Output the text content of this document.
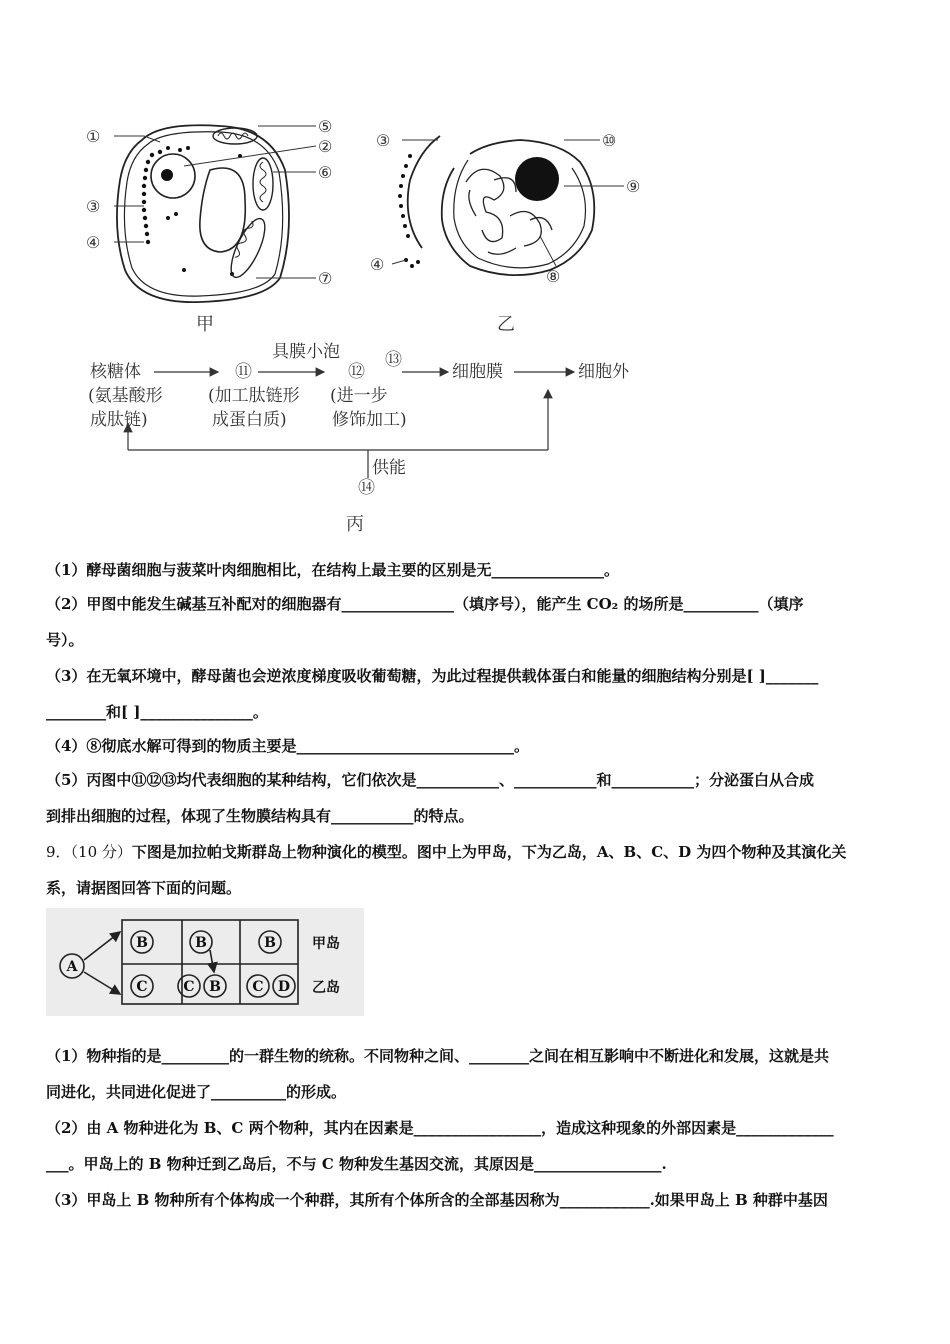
①
②
③
④
⑤
⑥
⑦
甲
③
④
⑧
⑨
⑩
乙
核糖体
(氨基酸形
成肽链)
⑪
(加工肽链形
成蛋白质)
具膜小泡
⑫
⑬
(进一步
修饰加工)
细胞膜	细胞外
供能
⑭
丙
（1）酵母菌细胞与菠菜叶肉细胞相比，在结构上最主要的区别是无_______________。
（2）甲图中能发生碱基互补配对的细胞器有_______________（填序号），能产生 CO₂ 的场所是__________（填序
号）。
（3）在无氧环境中，酵母菌也会逆浓度梯度吸收葡萄糖，为此过程提供载体蛋白和能量的细胞结构分别是[ ]_______
________和[ ]_______________。
（4）⑧彻底水解可得到的物质主要是_____________________________。
（5）丙图中⑪⑫⑬均代表细胞的某种结构，它们依次是___________、___________和___________；分泌蛋白从合成
到排出细胞的过程，体现了生物膜结构具有___________的特点。
9．（10 分）下图是加拉帕戈斯群岛上物种演化的模型。图中上为甲岛，下为乙岛，A、B、C、D 为四个物种及其演化关
系，请据图回答下面的问题。
A
B	B	B
C	C B C D
甲岛
乙岛
（1）物种指的是_________的一群生物的统称。不同物种之间、________之间在相互影响中不断进化和发展，这就是共
同进化，共同进化促进了__________的形成。
（2）由 A 物种进化为 B、C 两个物种，其内在因素是_________________，造成这种现象的外部因素是_____________
___。甲岛上的 B 物种迁到乙岛后，不与 C 物种发生基因交流，其原因是_________________.
（3）甲岛上 B 物种所有个体构成一个种群，其所有个体所含的全部基因称为____________.如果甲岛上 B 种群中基因
